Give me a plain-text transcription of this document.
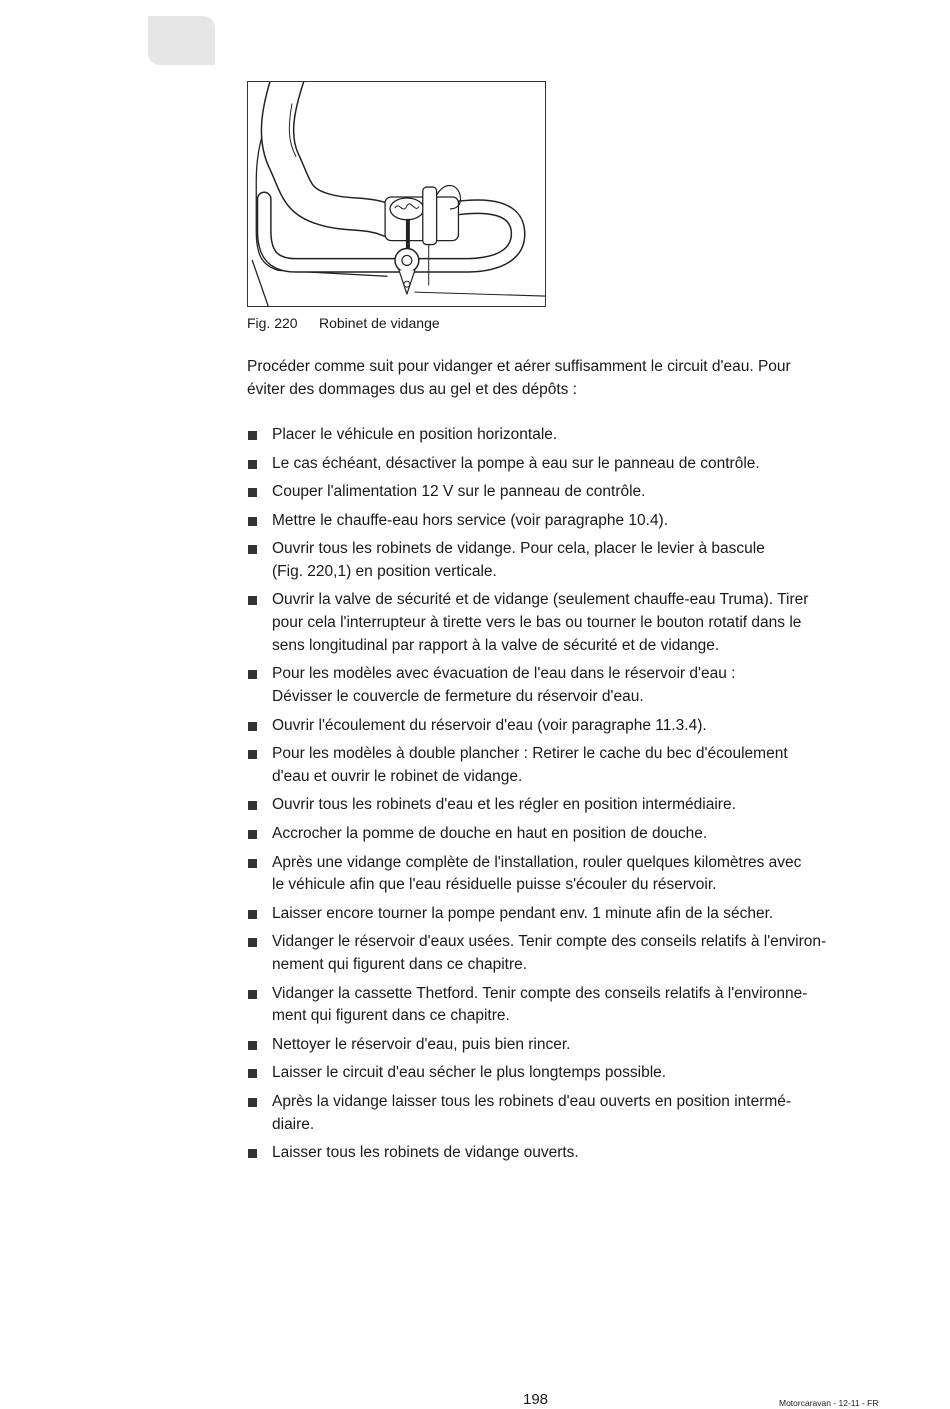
Fig. 220 Robinet de vidange
Procéder comme suit pour vidanger et aérer suffisamment le circuit d'eau. Pour
éviter des dommages dus au gel et des dépôts :
Placer le véhicule en position horizontale.
Le cas échéant, désactiver la pompe à eau sur le panneau de contrôle.
Couper l'alimentation 12 V sur le panneau de contrôle.
Mettre le chauffe-eau hors service (voir paragraphe 10.4).
Ouvrir tous les robinets de vidange. Pour cela, placer le levier à bascule
(Fig. 220,1) en position verticale.
Ouvrir la valve de sécurité et de vidange (seulement chauffe-eau Truma). Tirer
pour cela l'interrupteur à tirette vers le bas ou tourner le bouton rotatif dans le
sens longitudinal par rapport à la valve de sécurité et de vidange.
Pour les modèles avec évacuation de l'eau dans le réservoir d'eau :
Dévisser le couvercle de fermeture du réservoir d'eau.
Ouvrir l'écoulement du réservoir d'eau (voir paragraphe 11.3.4).
Pour les modèles à double plancher : Retirer le cache du bec d'écoulement
d'eau et ouvrir le robinet de vidange.
Ouvrir tous les robinets d'eau et les régler en position intermédiaire.
Accrocher la pomme de douche en haut en position de douche.
Après une vidange complète de l'installation, rouler quelques kilomètres avec
le véhicule afin que l'eau résiduelle puisse s'écouler du réservoir.
Laisser encore tourner la pompe pendant env. 1 minute afin de la sécher.
Vidanger le réservoir d'eaux usées. Tenir compte des conseils relatifs à l'environ-
nement qui figurent dans ce chapitre.
Vidanger la cassette Thetford. Tenir compte des conseils relatifs à l'environne-
ment qui figurent dans ce chapitre.
Nettoyer le réservoir d'eau, puis bien rincer.
Laisser le circuit d'eau sécher le plus longtemps possible.
Après la vidange laisser tous les robinets d'eau ouverts en position intermé-
diaire.
Laisser tous les robinets de vidange ouverts.
198	Motorcaravan - 12-11 - FR
